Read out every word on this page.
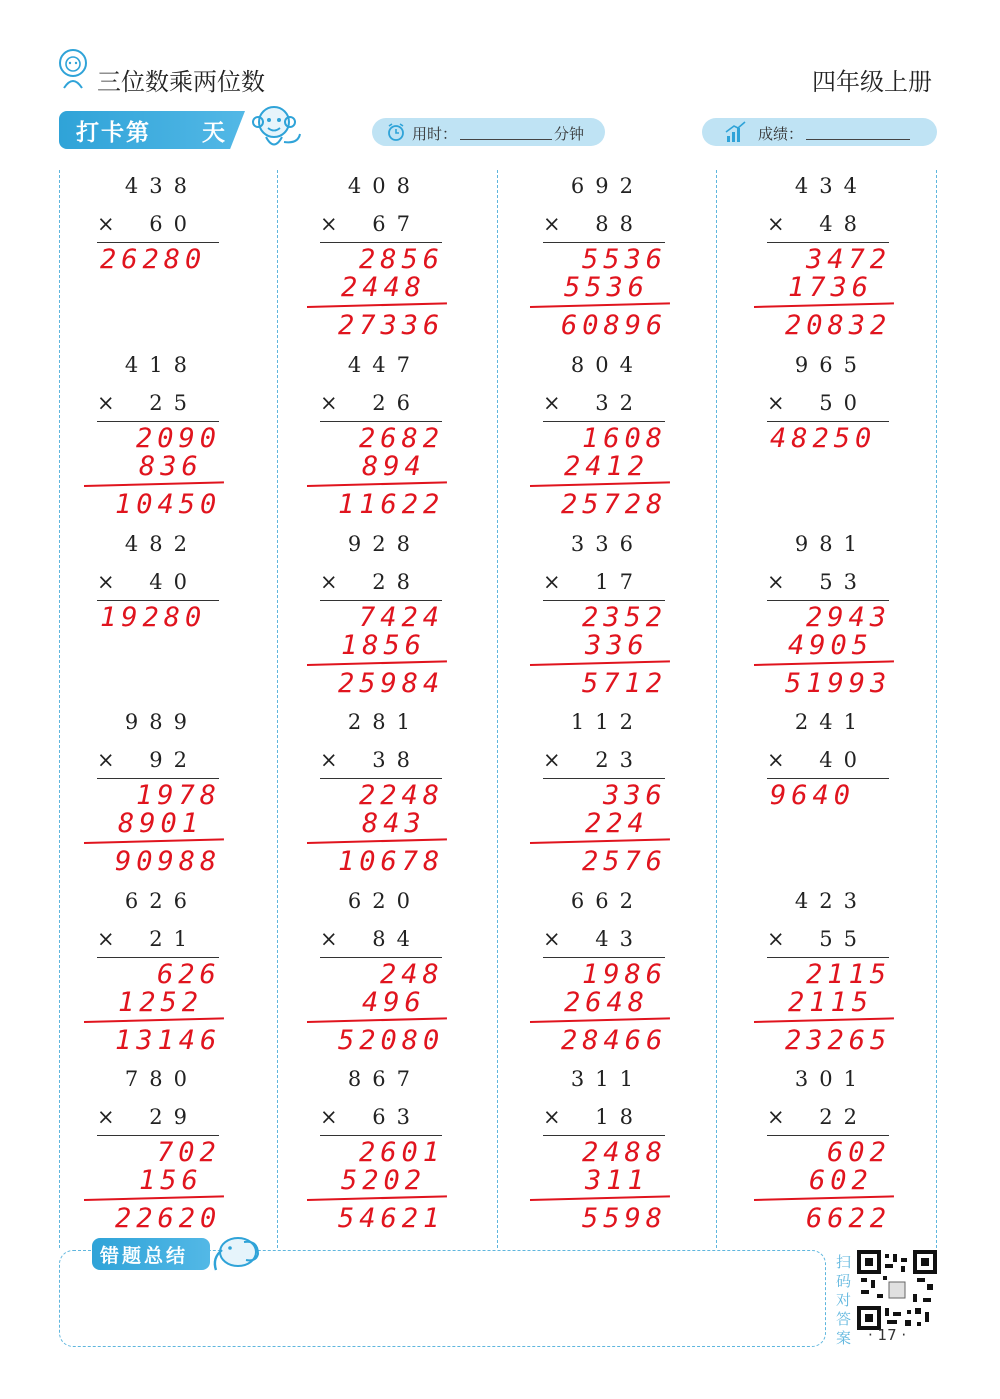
三位数乘两位数	四年级上册
打卡第 天	用时：	分钟	成绩：
438
× 60
26280
408
× 67
2856
2448
27336
692
× 88
5536
5536
60896
434
× 48
3472
1736
20832
418
× 25
2090
836
10450
447
× 26
2682
894
11622
804
× 32
1608
2412
25728
965
× 50
48250
482
× 40
19280
928
× 28
7424
1856
25984
336
× 17
2352
336
5712
981
× 53
2943
4905
51993
989
× 92
1978
8901
90988
281
× 38
2248
843
10678
112
× 23
336
224
2576
241
× 40
9640
626
× 21
626
1252
13146
620
× 84
248
496
52080
662
× 43
1986
2648
28466
423
× 55
2115
2115
23265
780
× 29
702
156
22620
867
× 63
2601
5202
54621
311
× 18
2488
311
5598
301
× 22
602
602
6622
错题总结	扫码对答案 · 17 ·
